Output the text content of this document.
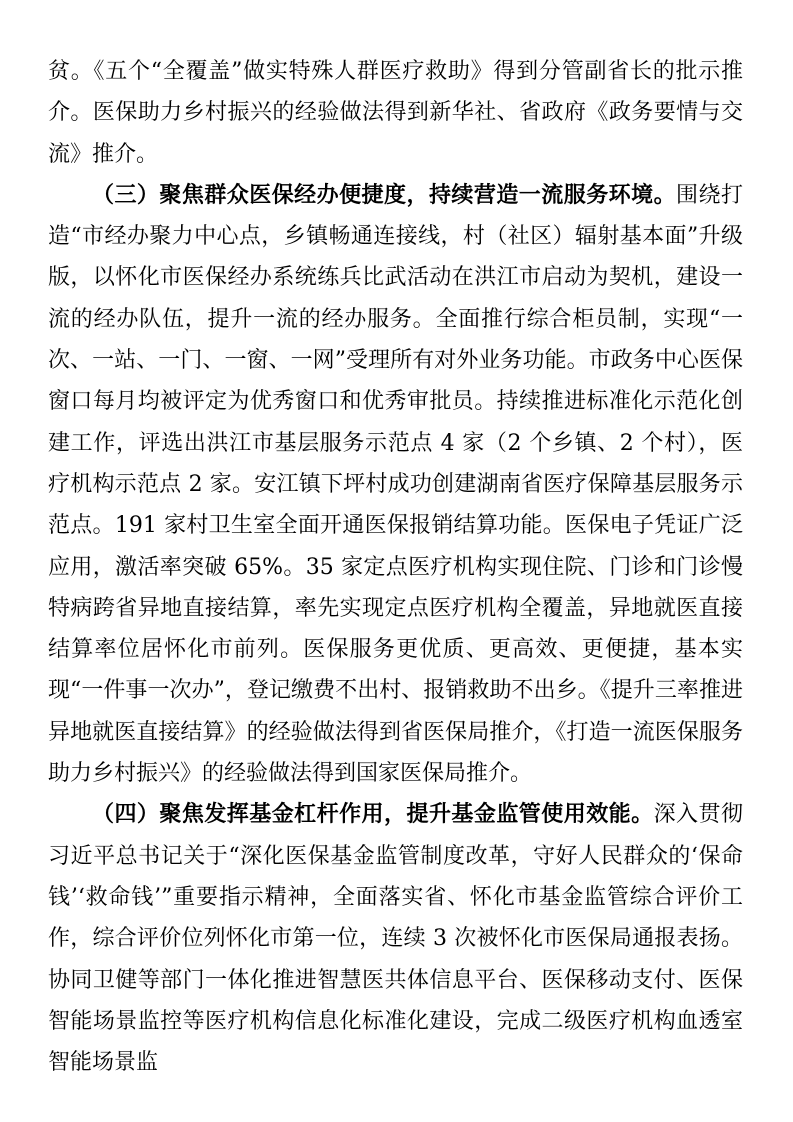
贫。《五个“全覆盖”做实特殊人群医疗救助》得到分管副省长的批示推介。医保助力乡村振兴的经验做法得到新华社、省政府《政务要情与交流》推介。

（三）聚焦群众医保经办便捷度，持续营造一流服务环境。围绕打造“市经办聚力中心点，乡镇畅通连接线，村（社区）辐射基本面”升级版，以怀化市医保经办系统练兵比武活动在洪江市启动为契机，建设一流的经办队伍，提升一流的经办服务。全面推行综合柜员制，实现“一次、一站、一门、一窗、一网”受理所有对外业务功能。市政务中心医保窗口每月均被评定为优秀窗口和优秀审批员。持续推进标准化示范化创建工作，评选出洪江市基层服务示范点 4 家（2 个乡镇、2 个村），医疗机构示范点 2 家。安江镇下坪村成功创建湖南省医疗保障基层服务示范点。191 家村卫生室全面开通医保报销结算功能。医保电子凭证广泛应用，激活率突破 65%。35 家定点医疗机构实现住院、门诊和门诊慢特病跨省异地直接结算，率先实现定点医疗机构全覆盖，异地就医直接结算率位居怀化市前列。医保服务更优质、更高效、更便捷，基本实现“一件事一次办”，登记缴费不出村、报销救助不出乡。《提升三率推进异地就医直接结算》的经验做法得到省医保局推介，《打造一流医保服务助力乡村振兴》的经验做法得到国家医保局推介。

（四）聚焦发挥基金杠杆作用，提升基金监管使用效能。深入贯彻习近平总书记关于“深化医保基金监管制度改革，守好人民群众的‘保命钱’‘救命钱’”重要指示精神，全面落实省、怀化市基金监管综合评价工作，综合评价位列怀化市第一位，连续 3 次被怀化市医保局通报表扬。协同卫健等部门一体化推进智慧医共体信息平台、医保移动支付、医保智能场景监控等医疗机构信息化标准化建设，完成二级医疗机构血透室智能场景监
